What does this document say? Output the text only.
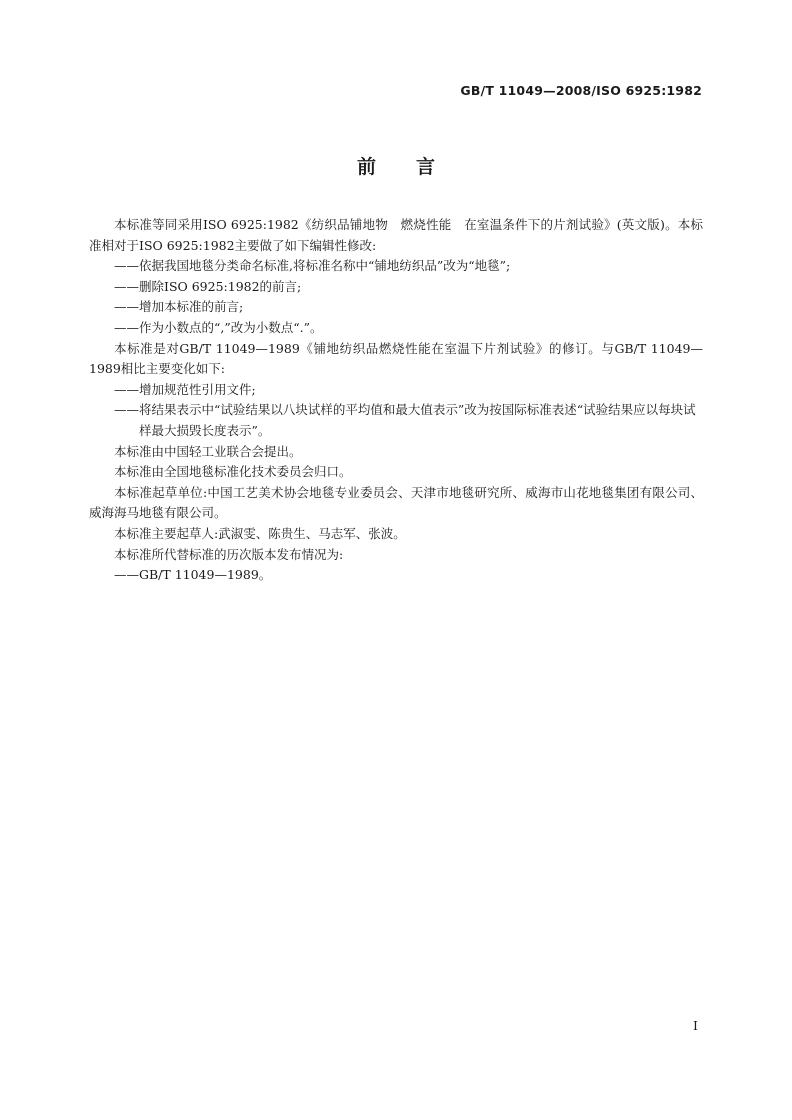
GB/T 11049—2008/ISO 6925:1982
前言

本标准等同采用ISO 6925:1982《纺织品铺地物　燃烧性能　在室温条件下的片剂试验》(英文版)。本标准相对于ISO 6925:1982主要做了如下编辑性修改:

——依据我国地毯分类命名标准,将标准名称中“铺地纺织品”改为“地毯”;

——删除ISO 6925:1982的前言;

——增加本标准的前言;

——作为小数点的“,”改为小数点“.”。

本标准是对GB/T 11049—1989《铺地纺织品燃烧性能在室温下片剂试验》的修订。与GB/T 11049—1989相比主要变化如下:

——增加规范性引用文件;

——将结果表示中“试验结果以八块试样的平均值和最大值表示”改为按国际标准表述“试验结果应以每块试样最大损毁长度表示”。

本标准由中国轻工业联合会提出。

本标准由全国地毯标准化技术委员会归口。

本标准起草单位:中国工艺美术协会地毯专业委员会、天津市地毯研究所、威海市山花地毯集团有限公司、威海海马地毯有限公司。

本标准主要起草人:武淑雯、陈贵生、马志军、张波。

本标准所代替标准的历次版本发布情况为:

——GB/T 11049—1989。

I
